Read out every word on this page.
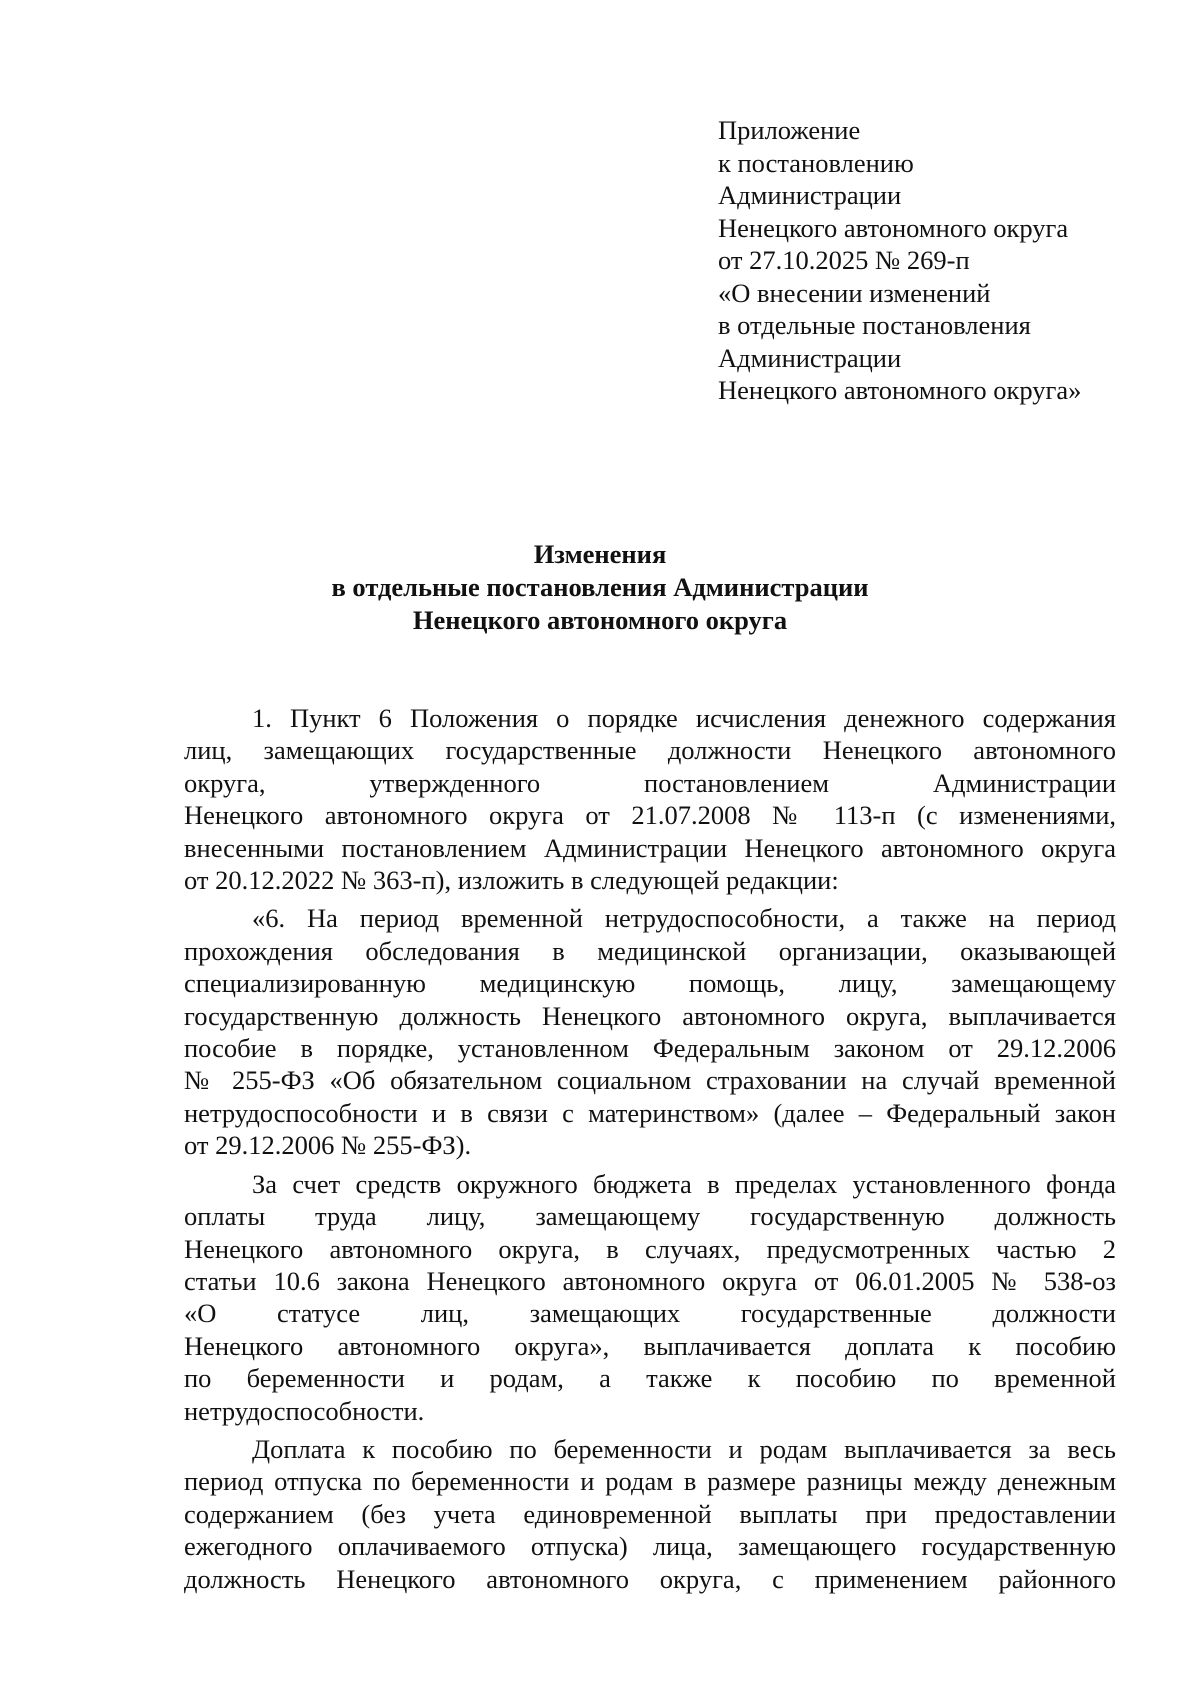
Приложение
к постановлению
Администрации
Ненецкого автономного округа
от 27.10.2025 № 269-п
«О внесении изменений
в отдельные постановления
Администрации
Ненецкого автономного округа»
Изменения
в отдельные постановления Администрации
Ненецкого автономного округа
1. Пункт 6 Положения о порядке исчисления денежного содержания
лиц, замещающих государственные должности Ненецкого автономного
округа, утвержденного постановлением Администрации
Ненецкого автономного округа от 21.07.2008 № 113-п (с изменениями,
внесенными постановлением Администрации Ненецкого автономного округа
от 20.12.2022 № 363-п), изложить в следующей редакции:
«6. На период временной нетрудоспособности, а также на период
прохождения обследования в медицинской организации, оказывающей
специализированную медицинскую помощь, лицу, замещающему
государственную должность Ненецкого автономного округа, выплачивается
пособие в порядке, установленном Федеральным законом от 29.12.2006
№ 255-ФЗ «Об обязательном социальном страховании на случай временной
нетрудоспособности и в связи с материнством» (далее – Федеральный закон
от 29.12.2006 № 255-ФЗ).
За счет средств окружного бюджета в пределах установленного фонда
оплаты труда лицу, замещающему государственную должность
Ненецкого автономного округа, в случаях, предусмотренных частью 2
статьи 10.6 закона Ненецкого автономного округа от 06.01.2005 № 538-оз
«О статусе лиц, замещающих государственные должности
Ненецкого автономного округа», выплачивается доплата к пособию
по беременности и родам, а также к пособию по временной
нетрудоспособности.
Доплата к пособию по беременности и родам выплачивается за весь
период отпуска по беременности и родам в размере разницы между денежным
содержанием (без учета единовременной выплаты при предоставлении
ежегодного оплачиваемого отпуска) лица, замещающего государственную
должность Ненецкого автономного округа, с применением районного
